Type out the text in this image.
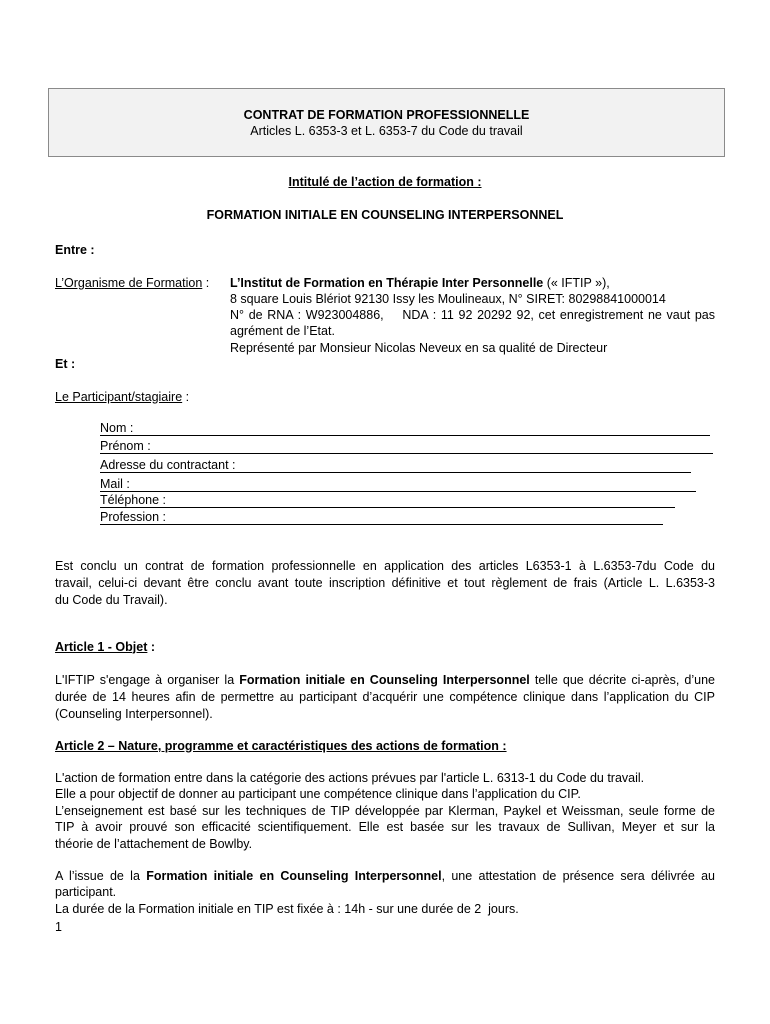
CONTRAT DE FORMATION PROFESSIONNELLE
Articles L. 6353-3 et L. 6353-7 du Code du travail
Intitulé de l’action de formation :
FORMATION INITIALE EN COUNSELING INTERPERSONNEL
Entre :
L’Organisme de Formation : L’Institut de Formation en Thérapie Inter Personnelle (« IFTIP »),
8 square Louis Blériot 92130 Issy les Moulineaux, N° SIRET: 80298841000014
N° de RNA : W923004886,    NDA : 11 92 20292 92, cet enregistrement ne vaut pas
agrément de l’Etat.
Représenté par Monsieur Nicolas Neveux en sa qualité de Directeur
Et :
Le Participant/stagiaire :
Nom :
Prénom :
Adresse du contractant :
Mail :
Téléphone :
Profession :
Est conclu un contrat de formation professionnelle en application des articles L6353-1 à L.6353-7du Code du
travail, celui-ci devant être conclu avant toute inscription définitive et tout règlement de frais (Article L. L.6353-3
du Code du Travail).
Article 1 - Objet :
L'IFTIP s'engage à organiser la Formation initiale en Counseling Interpersonnel telle que décrite ci-après, d’une
durée de 14 heures afin de permettre au participant d’acquérir une compétence clinique dans l’application du CIP
(Counseling Interpersonnel).
Article 2 – Nature, programme et caractéristiques des actions de formation :
L'action de formation entre dans la catégorie des actions prévues par l'article L. 6313-1 du Code du travail.
Elle a pour objectif de donner au participant une compétence clinique dans l’application du CIP.
L’enseignement est basé sur les techniques de TIP développée par Klerman, Paykel et Weissman, seule forme de
TIP à avoir prouvé son efficacité scientifiquement. Elle est basée sur les travaux de Sullivan, Meyer et sur la
théorie de l’attachement de Bowlby.
A l’issue de la Formation initiale en Counseling Interpersonnel, une attestation de présence sera délivrée au
participant.
La durée de la Formation initiale en TIP est fixée à : 14h - sur une durée de 2  jours.
1
